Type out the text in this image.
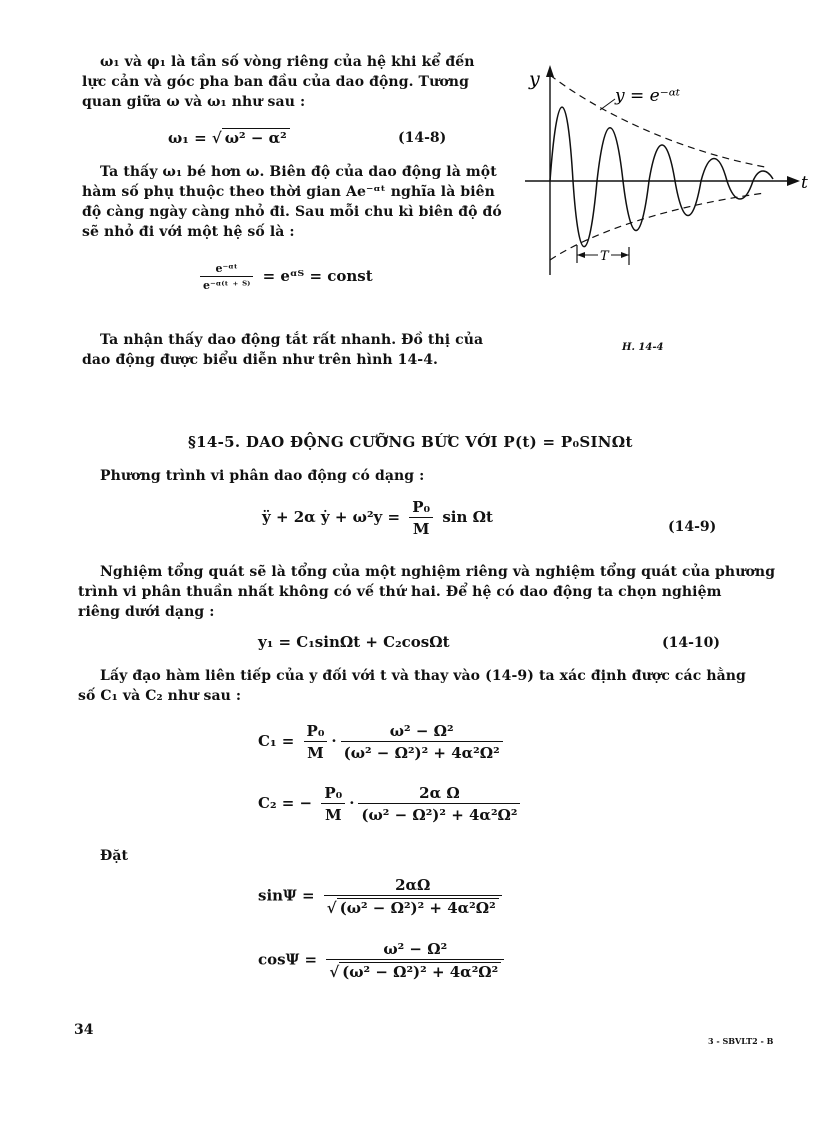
ω₁ và φ₁ là tần số vòng riêng của hệ khi kể đến
lực cản và góc pha ban đầu của dao động. Tương
quan giữa ω và ω₁ như sau :
ω₁ = √ ω² − α²	(14-8)
Ta thấy ω₁ bé hơn ω. Biên độ của dao động là một
hàm số phụ thuộc theo thời gian Ae⁻ᵅᵗ nghĩa là biên
độ càng ngày càng nhỏ đi. Sau mỗi chu kì biên độ đó
sẽ nhỏ đi với một hệ số là :
$\frac{\text{e⁻ᵅᵗ}}{\text{e⁻ᵅ⁽ᵗ ⁺ ᵀ⁾}}$ = eᵅᵀ = const
Ta nhận thấy dao động tắt rất nhanh. Đồ thị của
dao động được biểu diễn như trên hình 14-4.
y
t
y = e⁻ᵅᵗ
T
H. 14-4
§14-5. DAO ĐỘNG CƯỠNG BỨC VỚI P(t) = P₀SINΩt
Phương trình vi phân dao động có dạng :
ÿ + 2α ẏ + $\omega^2y = \frac{\text{P₀}}{M}$ sin Ωt
(14-9)
Nghiệm tổng quát sẽ là tổng của một nghiệm riêng và nghiệm tổng quát của phương
trình vi phân thuần nhất không có vế thứ hai. Để hệ có dao động ta chọn nghiệm
riêng dưới dạng :
y₁ = C₁sinΩt + C₂cosΩt	(14-10)
Lấy đạo hàm liên tiếp của y đối với t và thay vào (14-9) ta xác định được các hằng
số C₁ và C₂ như sau :
$C_1 = \frac{\text{P₀}}{M} \cdot \frac{\text{ω² − Ω²}}{\text{(ω² − Ω²)² + 4α²Ω²}}$
C₂ = − $\frac{\text{P₀}}{M} \cdot \frac{\text{2α Ω}}{\text{(ω² − Ω²)² + 4α²Ω²}}$
Đặt
$\sin\Psi = \frac{2\alpha\Omega}{\text{√ (ω² − Ω²)² + 4α²Ω²}}$
$\cos\Psi = \frac{\text{ω² − Ω²}}{\text{√ (ω² − Ω²)² + 4α²Ω²}}$
34
3 - SBVLT2 - B
